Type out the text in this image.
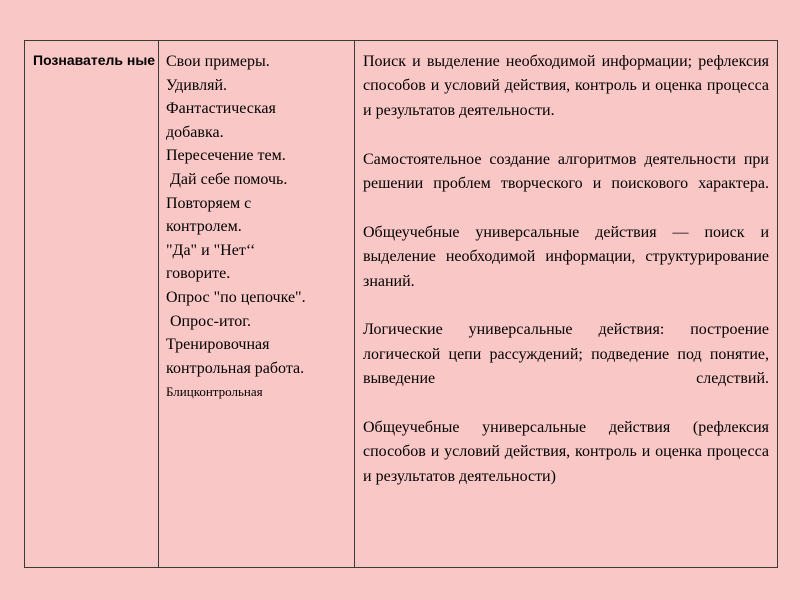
Познаватель ные Свои примеры.
Удивляй.
Фантастическая
добавка.
Пересечение тем.
Дай себе помочь.
Повторяем с
контролем.
"Да" и "Нет‘‘
говорите.
Опрос "по цепочке".
Опрос-итог.
Тренировочная
контрольная работа.
Блицконтрольная
Поиск и выделение необходимой информации; рефлексия способов и условий действия, контроль и оценка процесса и результатов деятельности.
Самостоятельное создание алгоритмов деятельности при решении проблем творческого и поискового характера.
Общеучебные универсальные действия — поиск и выделение необходимой информации, структурирование знаний.
Логические универсальные действия: построение логической цепи рассуждений; подведение под понятие, выведение следствий.
Общеучебные универсальные действия (рефлексия способов и условий действия, контроль и оценка процесса и результатов деятельности)
